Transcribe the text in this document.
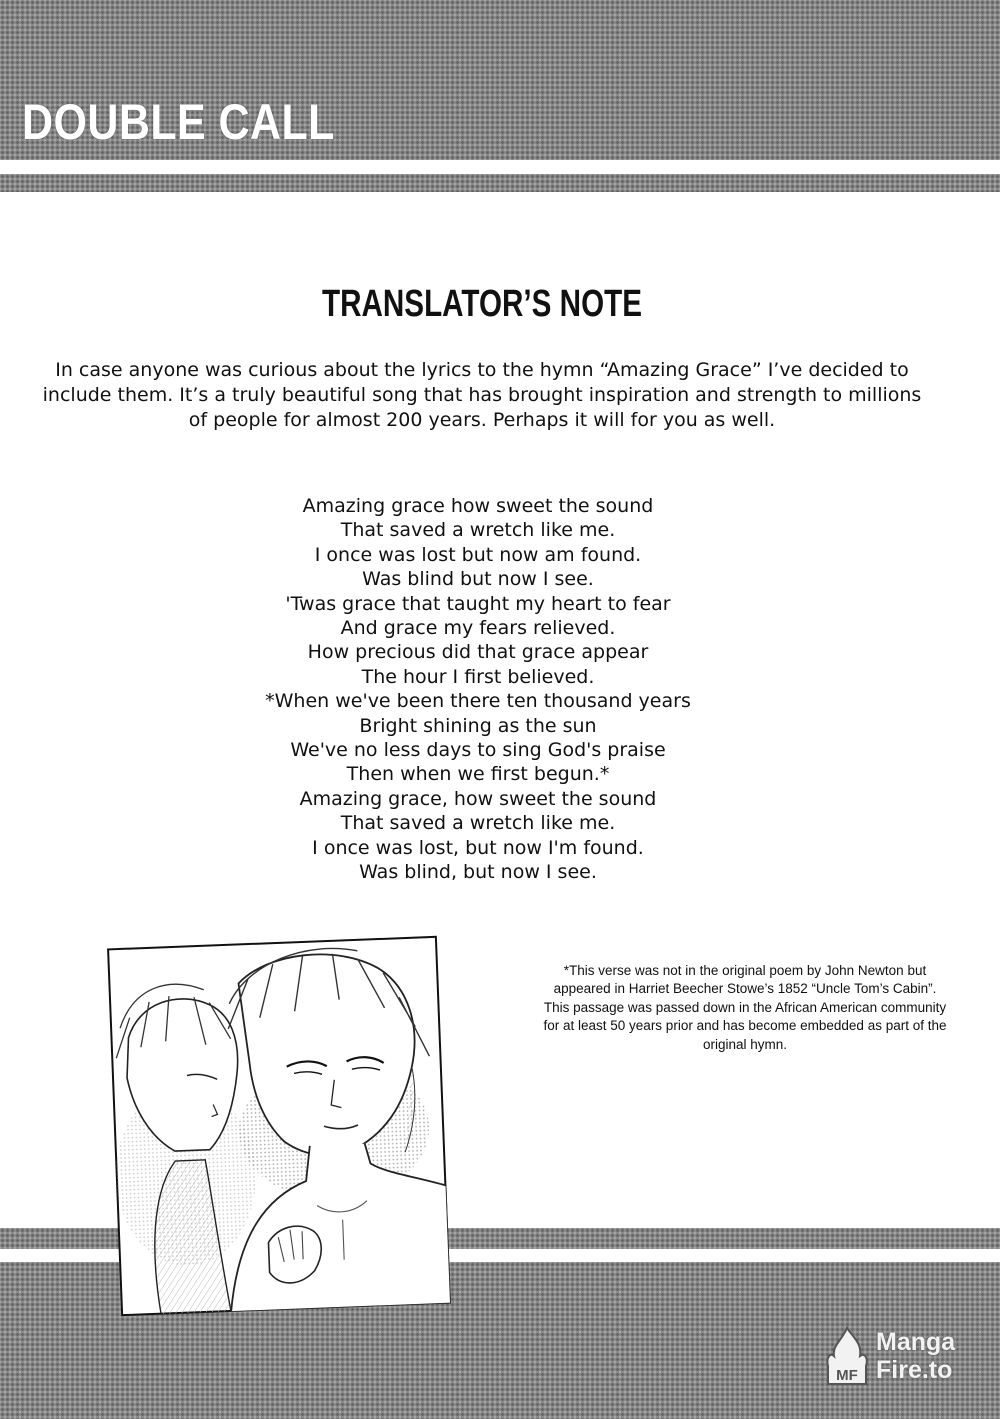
DOUBLE CALL
TRANSLATOR’S NOTE

In case anyone was curious about the lyrics to the hymn “Amazing Grace” I’ve decided to include them. It’s a truly beautiful song that has brought inspiration and strength to millions of people for almost 200 years. Perhaps it will for you as well.

Amazing grace how sweet the sound
That saved a wretch like me.
I once was lost but now am found.
Was blind but now I see.
'Twas grace that taught my heart to fear
And grace my fears relieved.
How precious did that grace appear
The hour I first believed.
*When we've been there ten thousand years
Bright shining as the sun
We've no less days to sing God's praise
Then when we first begun.*
Amazing grace, how sweet the sound
That saved a wretch like me.
I once was lost, but now I'm found.
Was blind, but now I see.

*This verse was not in the original poem by John Newton but appeared in Harriet Beecher Stowe’s 1852 “Uncle Tom’s Cabin”. This passage was passed down in the African American community for at least 50 years prior and has become embedded as part of the original hymn.

MF

Manga

Fire.to
